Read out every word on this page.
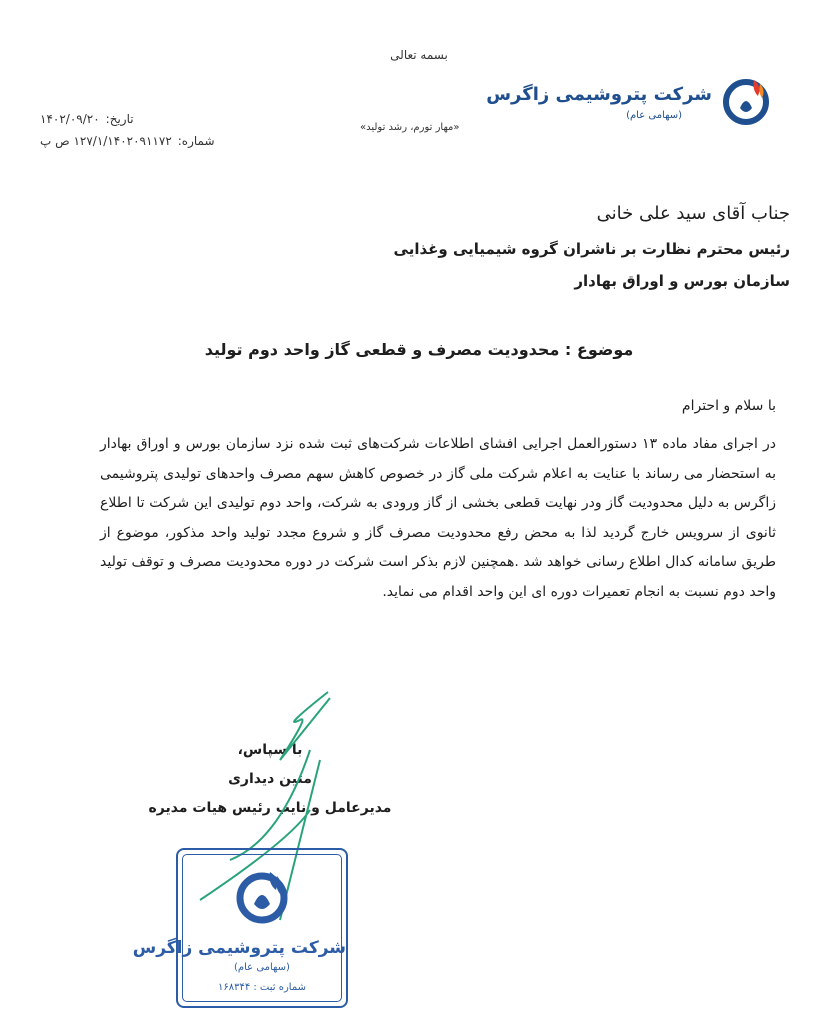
بسمه تعالی
شرکت پتروشیمی زاگرس
(سهامی عام)
«مهار تورم، رشد تولید»
تاریخ:
۱۴۰۲/۰۹/۲۰
شماره:
۱۲۷/۱/۱۴۰۲۰۹۱۱۷۲ ص پ
جناب آقای سید علی خانی
رئیس محترم نظارت بر ناشران گروه شیمیایی وغذایی
سازمان بورس و اوراق بهادار
موضوع : محدودیت مصرف و قطعی گاز واحد دوم تولید
با سلام و احترام
در اجرای مفاد ماده ۱۳ دستورالعمل اجرایی افشای اطلاعات شرکت‌های ثبت شده نزد سازمان بورس و اوراق بهادار به استحضار می رساند با عنایت به اعلام شرکت ملی گاز در خصوص کاهش سهم مصرف واحدهای تولیدی پتروشیمی زاگرس به دلیل محدودیت گاز ودر نهایت قطعی بخشی از گاز ورودی به شرکت، واحد دوم تولیدی این شرکت تا اطلاع ثانوی از سرویس خارج گردید لذا به محض رفع محدودیت مصرف گاز و شروع مجدد تولید واحد مذکور، موضوع از طریق سامانه کدال اطلاع رسانی خواهد شد .همچنین لازم بذکر است شرکت در دوره محدودیت مصرف و توقف تولید واحد دوم نسبت به انجام تعمیرات دوره ای این واحد اقدام می نماید.
با سپاس،
متین دیداری
مدیرعامل و نایب رئیس هیات مدیره
شرکت پتروشیمی زاگرس
(سهامی عام)
شماره ثبت : ۱۶۸۳۴۴
